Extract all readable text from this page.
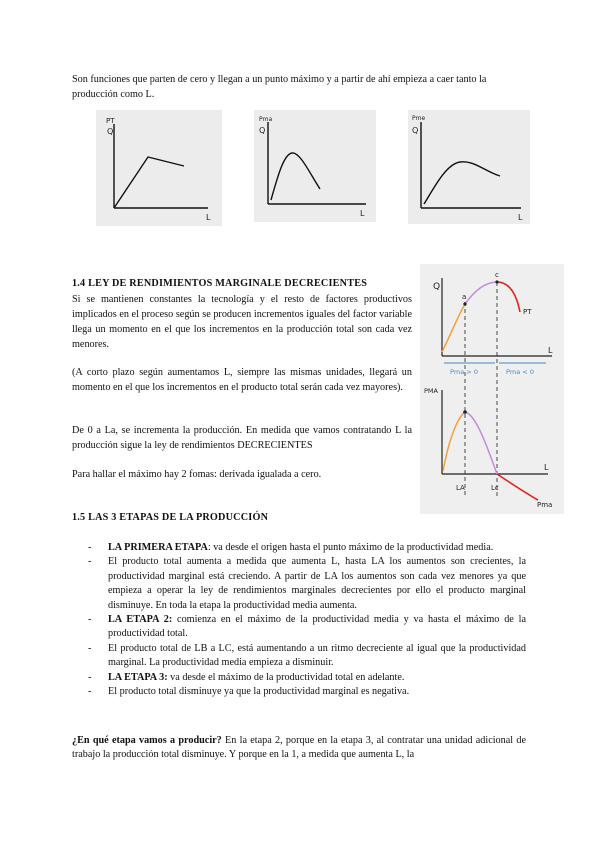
Son funciones que parten de cero y llegan a un punto máximo y a partir de ahí empieza a caer tanto la producción como L.

PT
Q
L
Pma
Q
L
Pme
Q
L
1.4 LEY DE RENDIMIENTOS MARGINALE DECRECIENTES

Si se mantienen constantes la tecnología y el resto de factores productivos implicados en el proceso según se producen incrementos iguales del factor variable llega un momento en el que los incrementos en la producción total son cada vez menores.

(A corto plazo según aumentamos L, siempre las mismas unidades, llegará un momento en el que los incrementos en el producto total serán cada vez mayores).

De 0 a La, se incrementa la producción. En medida que vamos contratando L la producción sigue la ley de rendimientos DECRECIENTES

Para hallar el máximo hay 2 fomas: derivada igualada a cero.

Q
L
a
c
PT
Pma > 0	Pma < 0
PMA
L
LA	Lc
Pma
1.5 LAS 3 ETAPAS DE LA PRODUCCIÓN
- LA PRIMERA ETAPA: va desde el origen hasta el punto máximo de la productividad media.
- El producto total aumenta a medida que aumenta L, hasta LA los aumentos son crecientes, la productividad marginal está creciendo. A partir de LA los aumentos son cada vez menores ya que empieza a operar la ley de rendimientos marginales decrecientes por ello el producto marginal disminuye. En toda la etapa la productividad media aumenta.
- LA ETAPA 2: comienza en el máximo de la productividad media y va hasta el máximo de la productividad total.
- El producto total de LB a LC, está aumentando a un ritmo decreciente al igual que la productividad marginal. La productividad media empieza a disminuir.
- LA ETAPA 3: va desde el máximo de la productividad total en adelante.
- El producto total disminuye ya que la productividad marginal es negativa.

¿En qué etapa vamos a producir? En la etapa 2, porque en la etapa 3, al contratar una unidad adicional de trabajo la producción total disminuye. Y porque en la 1, a medida que aumenta L, la
